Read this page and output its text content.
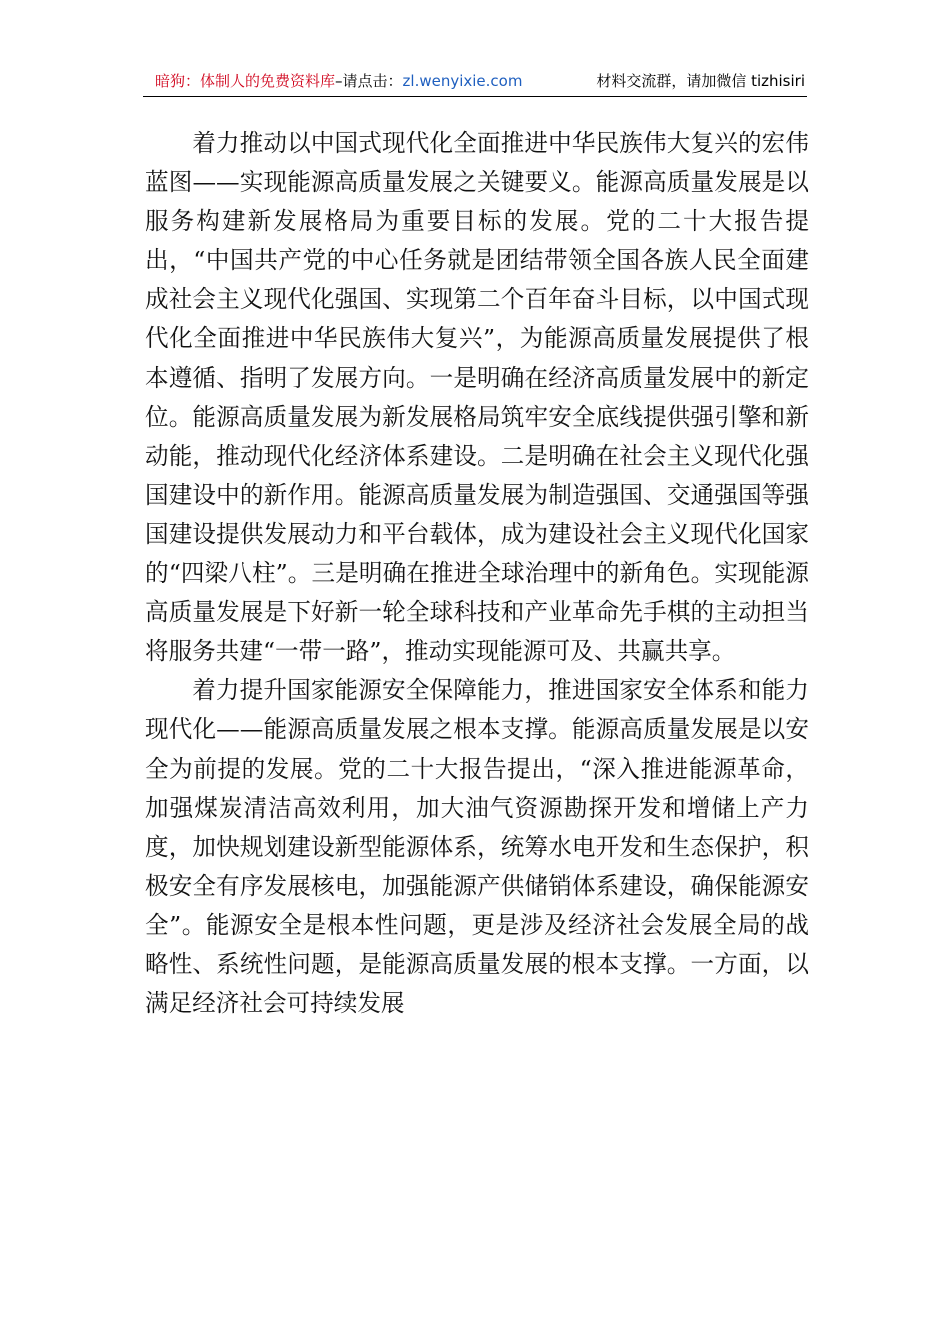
暗狗：体制人的免费资料库–请点击：zl.wenyixie.com	材料交流群，请加微信 tizhisiri

着力推动以中国式现代化全面推进中华民族伟大复兴的宏伟蓝图——实现能源高质量发展之关键要义。能源高质量发展是以服务构建新发展格局为重要目标的发展。党的二十大报告提出，“中国共产党的中心任务就是团结带领全国各族人民全面建成社会主义现代化强国、实现第二个百年奋斗目标，以中国式现代化全面推进中华民族伟大复兴”，为能源高质量发展提供了根本遵循、指明了发展方向。一是明确在经济高质量发展中的新定位。能源高质量发展为新发展格局筑牢安全底线提供强引擎和新动能，推动现代化经济体系建设。二是明确在社会主义现代化强国建设中的新作用。能源高质量发展为制造强国、交通强国等强国建设提供发展动力和平台载体，成为建设社会主义现代化国家的“四梁八柱”。三是明确在推进全球治理中的新角色。实现能源高质量发展是下好新一轮全球科技和产业革命先手棋的主动担当将服务共建“一带一路”，推动实现能源可及、共赢共享。

着力提升国家能源安全保障能力，推进国家安全体系和能力现代化——能源高质量发展之根本支撑。能源高质量发展是以安全为前提的发展。党的二十大报告提出，“深入推进能源革命，加强煤炭清洁高效利用，加大油气资源勘探开发和增储上产力度，加快规划建设新型能源体系，统筹水电开发和生态保护，积极安全有序发展核电，加强能源产供储销体系建设，确保能源安全”。能源安全是根本性问题，更是涉及经济社会发展全局的战略性、系统性问题，是能源高质量发展的根本支撑。一方面，以满足经济社会可持续发展
